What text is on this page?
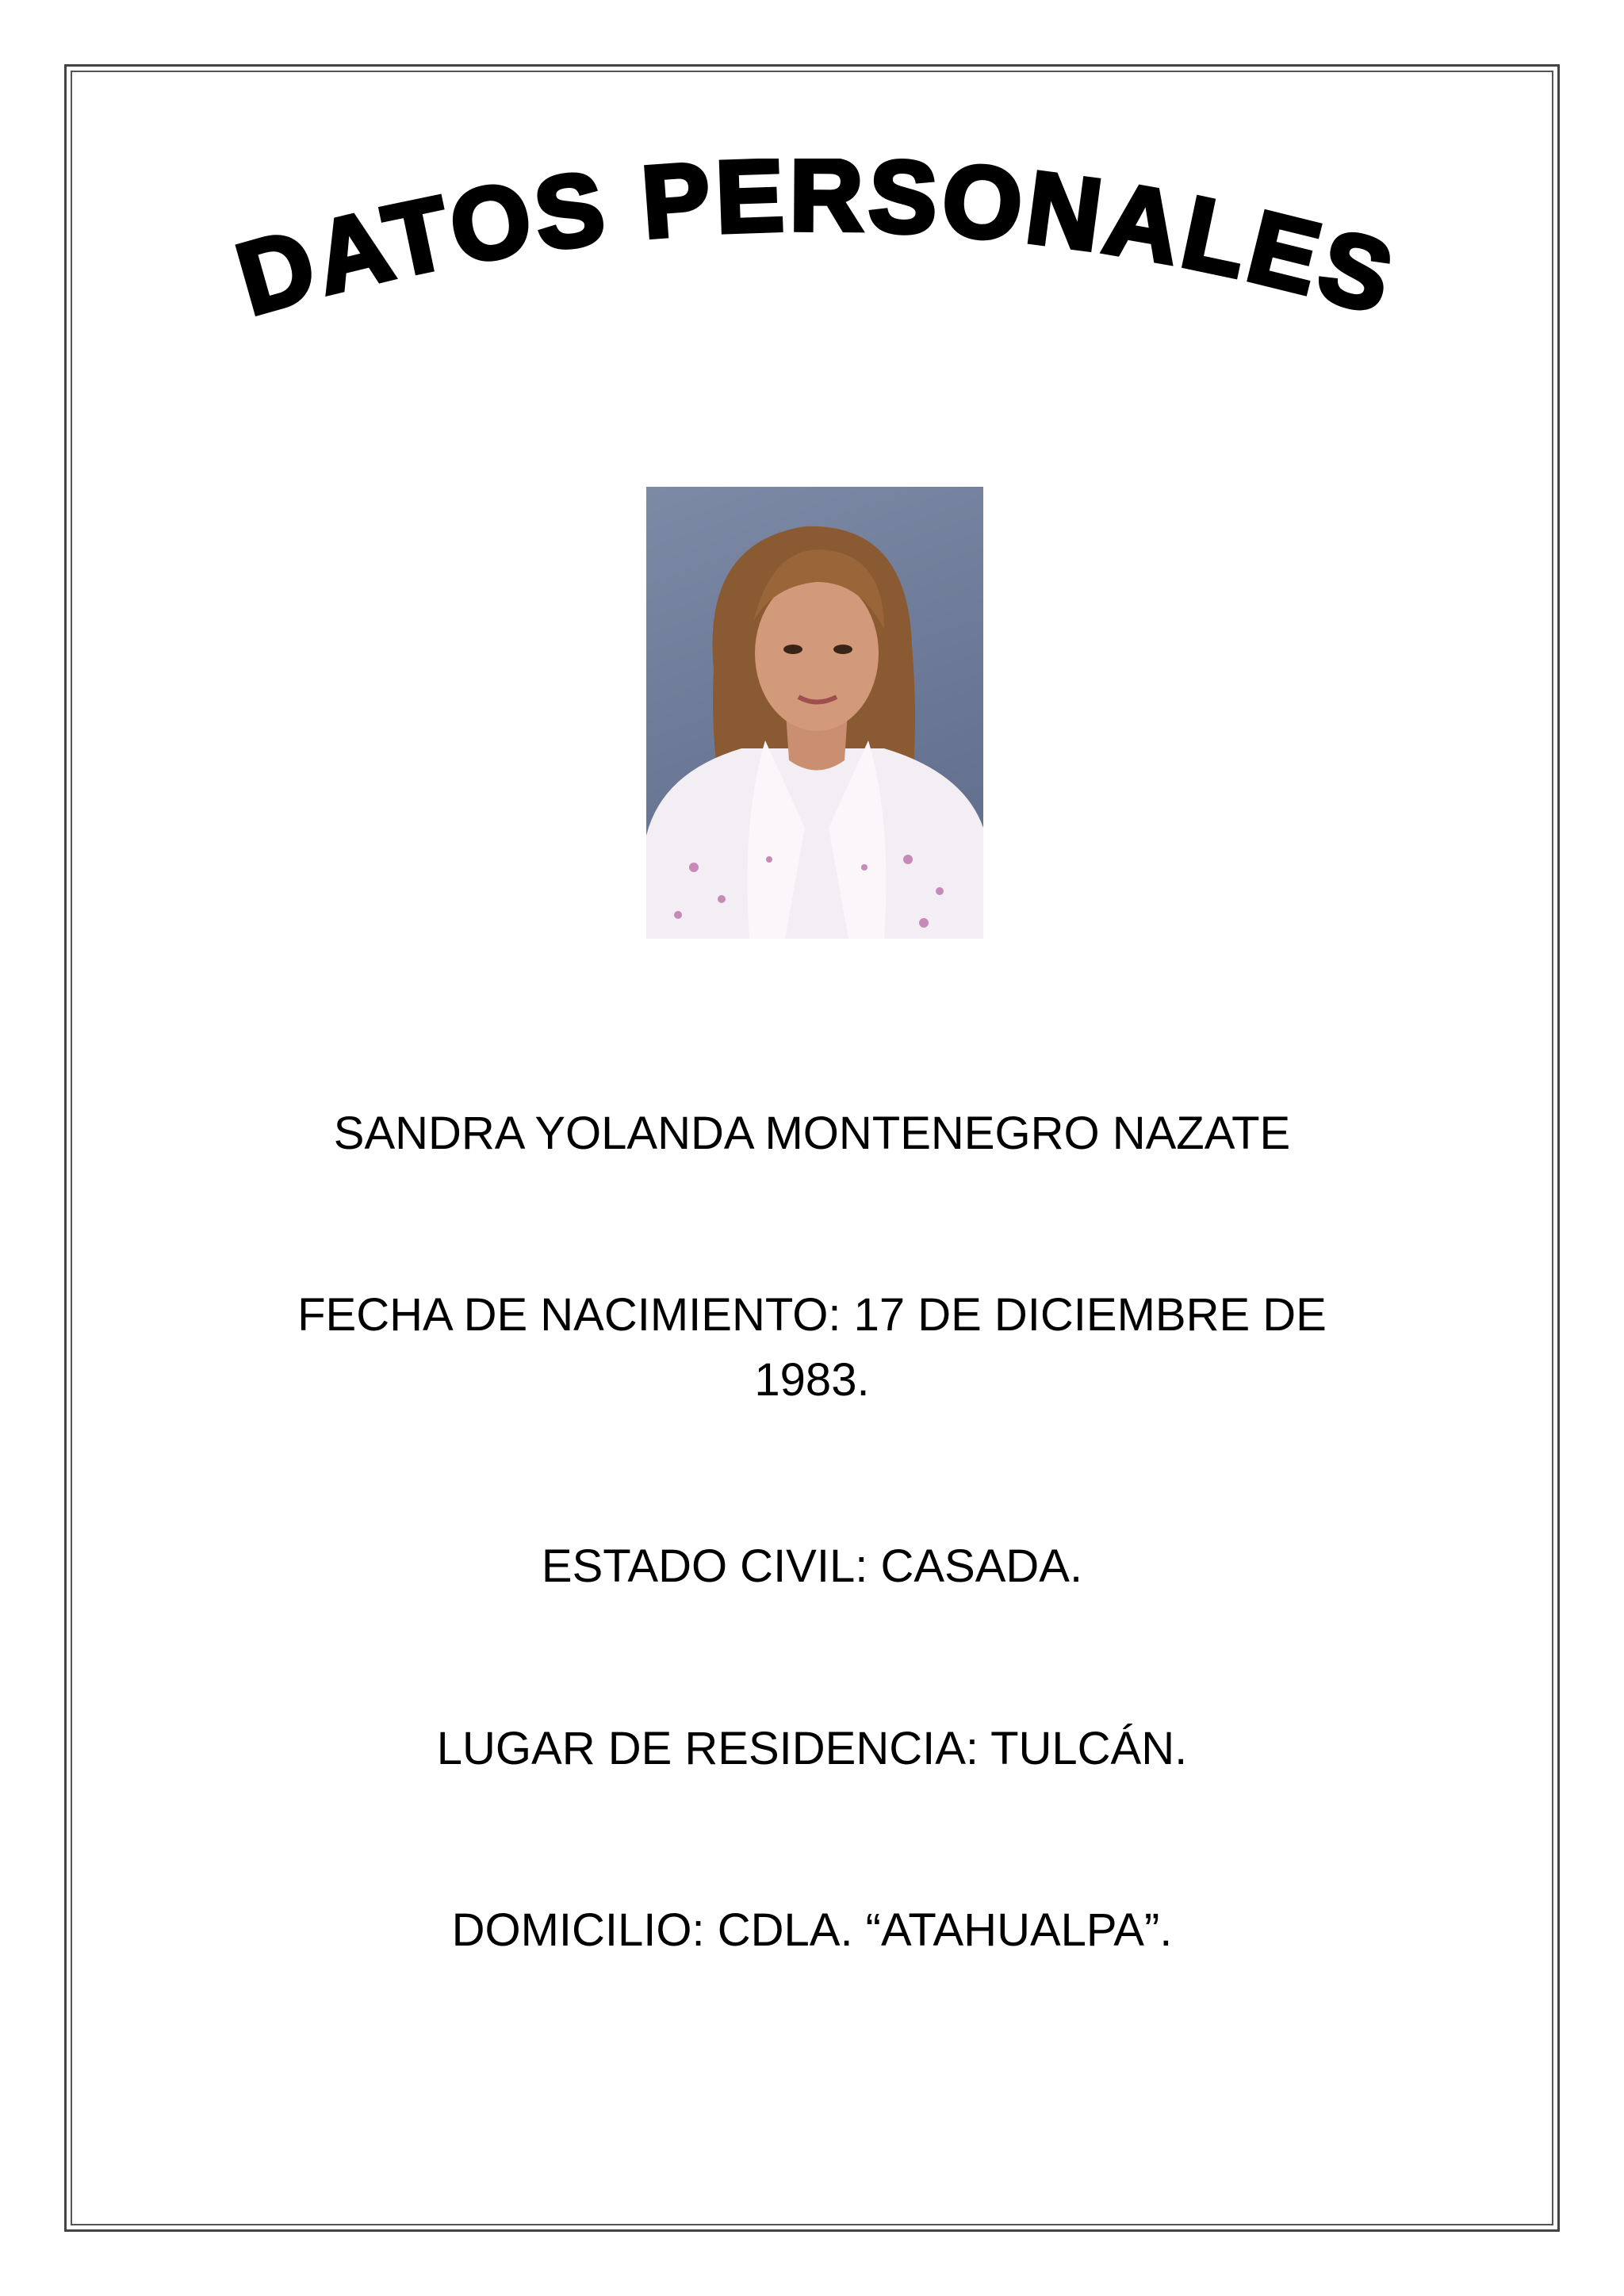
DATOS PERSONALES
SANDRA YOLANDA MONTENEGRO NAZATE
FECHA DE NACIMIENTO: 17 DE DICIEMBRE DE
1983.
ESTADO CIVIL: CASADA.
LUGAR DE RESIDENCIA: TULCÁN.
DOMICILIO: CDLA. “ATAHUALPA”.
